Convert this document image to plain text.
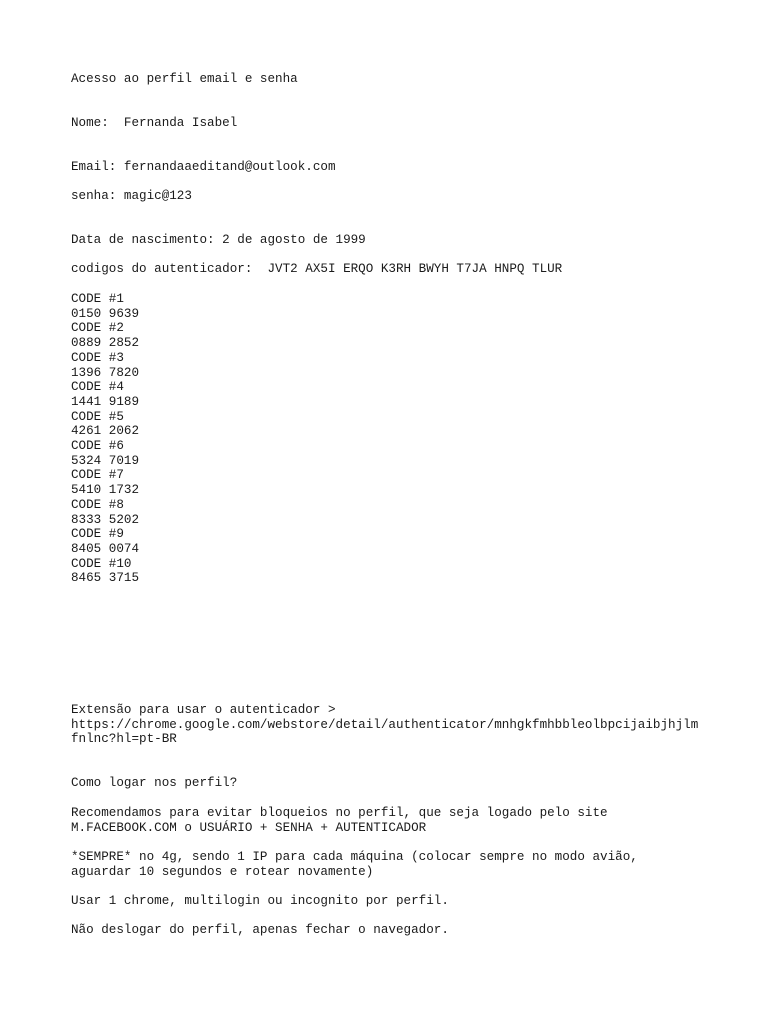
Acesso ao perfil email e senha

Nome:  Fernanda Isabel

Email: fernandaaeditand@outlook.com

senha: magic@123

Data de nascimento: 2 de agosto de 1999

codigos do autenticador:  JVT2 AX5I ERQO K3RH BWYH T7JA HNPQ TLUR

CODE #1
0150 9639
CODE #2
0889 2852
CODE #3
1396 7820
CODE #4
1441 9189
CODE #5
4261 2062
CODE #6
5324 7019
CODE #7
5410 1732
CODE #8
8333 5202
CODE #9
8405 0074
CODE #10
8465 3715
Extensão para usar o autenticador >
https://chrome.google.com/webstore/detail/authenticator/mnhgkfmhbbleolbpcijaibjhjlm
fnlnc?hl=pt-BR

Como logar nos perfil?

Recomendamos para evitar bloqueios no perfil, que seja logado pelo site
M.FACEBOOK.COM o USUÁRIO + SENHA + AUTENTICADOR
*SEMPRE* no 4g, sendo 1 IP para cada máquina (colocar sempre no modo avião,
aguardar 10 segundos e rotear novamente)

Usar 1 chrome, multilogin ou incognito por perfil.

Não deslogar do perfil, apenas fechar o navegador.
